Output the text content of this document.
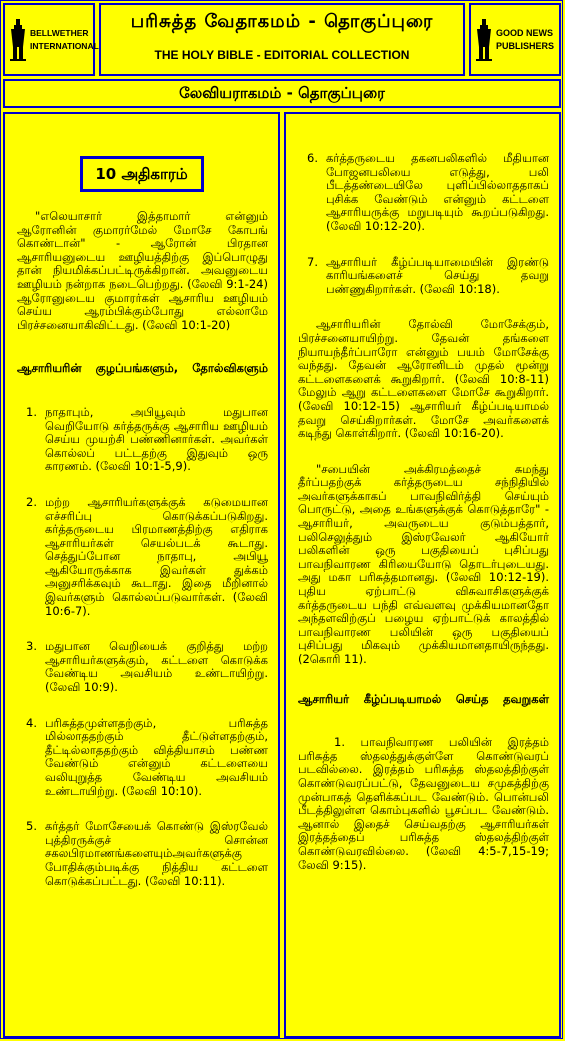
BELLWETHER
INTERNATIONAL
பரிசுத்த வேதாகமம் - தொகுப்புரை
THE HOLY BIBLE - EDITORIAL COLLECTION
GOOD NEWS
PUBLISHERS
லேவியராகமம் - தொகுப்புரை
10 அதிகாரம்

"எலெயாசார் இத்தாமார் என்னும் ஆரோனின் குமாரர்மேல் மோசே கோபங் கொண்டான்" - ஆரோன் பிரதான ஆசாரியனுடைய ஊழியத்திற்கு இப்பொழுது தான் நியமிக்கப்பட்டிருக்கிறான். அவனுடைய ஊழியம் நன்றாக நடைபெற்றது. (லேவி 9:1-24) ஆரோனுடைய குமாரர்கள் ஆசாரிய ஊழியம் செய்ய ஆரம்பிக்கும்போது எல்லாமே பிரச்சனையாகிவிட்டது. (லேவி 10:1-20)

ஆசாரியரின் குழப்பங்களும், தோல்விகளும்
1. நாதாபும், அபியூவும் மதுபான வெறியோடு கர்த்தருக்கு ஆசாரிய ஊழியம் செய்ய முயற்சி பண்ணினார்கள். அவர்கள் கொல்லப் பட்டதற்கு இதுவும் ஒரு காரணம். (லேவி 10:1-5,9).
2. மற்ற ஆசாரியர்களுக்குக் கடுமையான எச்சரிப்பு கொடுக்கப்படுகிறது. கர்த்தருடைய பிரமாணத்திற்கு எதிராக ஆசாரியர்கள் செயல்படக் கூடாது. செத்துப்போன நாதாபு, அபியூ ஆகியோருக்காக இவர்கள் துக்கம் அனுசரிக்கவும் கூடாது. இதை மீறினால் இவர்களும் கொல்லப்படுவார்கள். (லேவி 10:6-7).
3. மதுபான வெறியைக் குறித்து மற்ற ஆசாரியர்களுக்கும், கட்டளை கொடுக்க வேண்டிய அவசியம் உண்டாயிற்று. (லேவி 10:9).
4. பரிசுத்தமுள்ளதற்கும், பரிசுத்த மில்லாததற்கும் தீட்டுள்ளதற்கும், தீட்டில்லாததற்கும் வித்தியாசம் பண்ண வேண்டும் என்னும் கட்டளையை வலியுறுத்த வேண்டிய அவசியம் உண்டாயிற்று. (லேவி 10:10).
5. கர்த்தர் மோசேயைக் கொண்டு இஸ்ரவேல் புத்திரருக்குச் சொன்ன சகலபிரமாணங்களையும்அவர்களுக்கு போதிக்கும்படிக்கு நித்திய கட்டளை கொடுக்கப்பட்டது. (லேவி 10:11).
6. கர்த்தருடைய தகனபலிகளில் மீதியான போஜனபலியை எடுத்து, பலி பீடத்தண்டையிலே புளிப்பில்லாததாகப் புசிக்க வேண்டும் என்னும் கட்டளை ஆசாரியருக்கு மறுபடியும் கூறப்படுகிறது. (லேவி 10:12-20).
7. ஆசாரியர் கீழ்ப்படியாமையின் இரண்டு காரியங்களைச் செய்து தவறு பண்ணுகிறார்கள். (லேவி 10:18).

ஆசாரியரின் தோல்வி மோசேக்கும், பிரச்சனையாயிற்று. தேவன் தங்களை நியாயந்தீர்ப்பாரோ என்னும் பயம் மோசேக்கு வந்தது. தேவன் ஆரோனிடம் முதல் மூன்று கட்டளைகளைக் கூறுகிறார். (லேவி 10:8-11) மேலும் ஆறு கட்டளைகளை மோசே கூறுகிறார். (லேவி 10:12-15) ஆசாரியர் கீழ்ப்படியாமல் தவறு செய்கிறார்கள். மோசே அவர்களைக் கடிந்து கொள்கிறார். (லேவி 10:16-20).

"சபையின் அக்கிரமத்தைச் சுமந்து தீர்ப்பதற்குக் கர்த்தருடைய சந்நிதியில் அவர்களுக்காகப் பாவநிவிர்த்தி செய்யும் பொருட்டு, அதை உங்களுக்குக் கொடுத்தாரே" - ஆசாரியர், அவருடைய குடும்பத்தார், பலிசெலுத்தும் இஸ்ரவேலர் ஆகியோர் பலிகளின் ஒரு பகுதியைப் புசிப்பது பாவநிவாரண கிரியையோடு தொடர்புடையது. அது மகா பரிசுத்தமானது. (லேவி 10:12-19). புதிய ஏற்பாட்டு விசுவாசிகளுக்குக் கர்த்தருடைய பந்தி எவ்வளவு முக்கியமானதோ அந்தளவிற்குப் பழைய ஏற்பாட்டுக் காலத்தில் பாவநிவாரண பலியின் ஒரு பகுதியைப் புசிப்பது மிகவும் முக்கியமானதாயிருந்தது. (2கொரி 11).

ஆசாரியர் கீழ்ப்படியாமல் செய்த தவறுகள்

1. பாவநிவாரண பலியின் இரத்தம் பரிசுத்த ஸ்தலத்துக்குள்ளே கொண்டுவரப் படவில்லை. இரத்தம் பரிசுத்த ஸ்தலத்திற்குள் கொண்டுவரப்பட்டு, தேவனுடைய சமுகத்திற்கு முன்பாகத் தெளிக்கப்பட வேண்டும். பொன்பலி பீடத்திலுள்ள கொம்புகளில் பூசப்பட வேண்டும். ஆனால் இதைச் செய்வதற்கு ஆசாரியர்கள் இரத்தத்தைப் பரிசுத்த ஸ்தலத்திற்குள் கொண்டுவரவில்லை. (லேவி 4:5-7,15-19; லேவி 9:15).
